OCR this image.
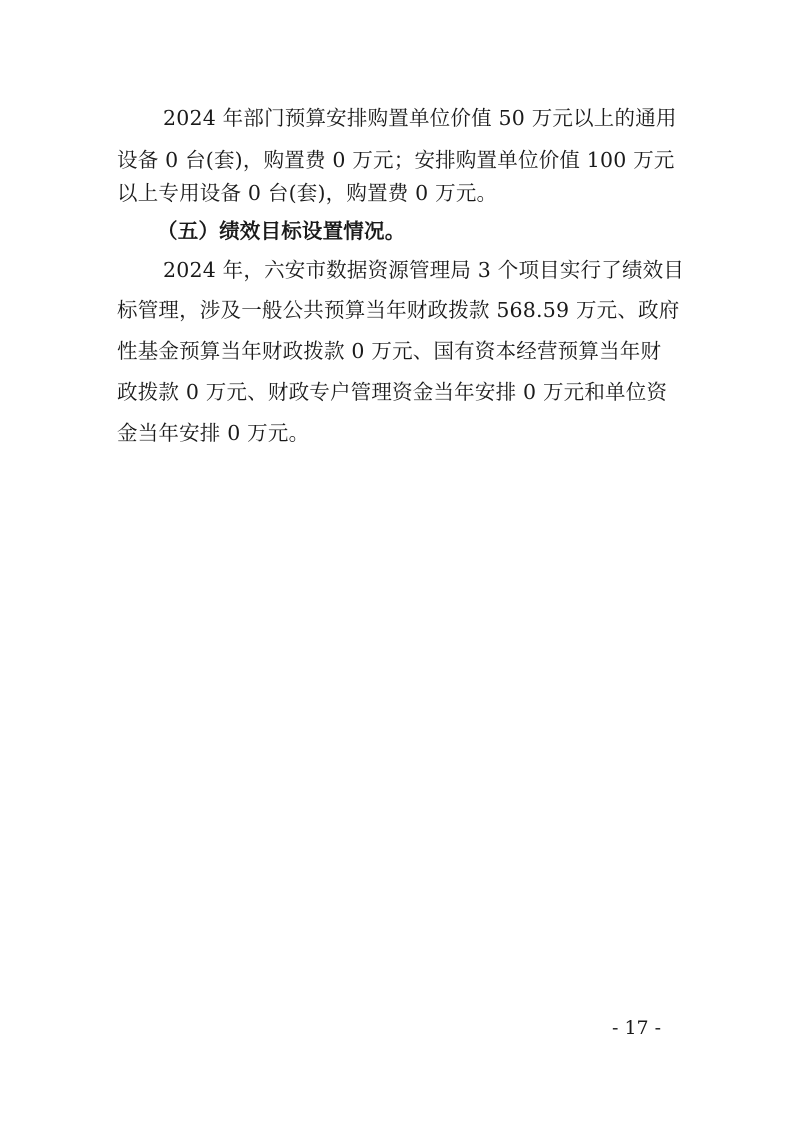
2024 年部门预算安排购置单位价值 50 万元以上的通用
设备 0 台(套)，购置费 0 万元；安排购置单位价值 100 万元
以上专用设备 0 台(套)，购置费 0 万元。
（五）绩效目标设置情况。
2024 年，六安市数据资源管理局 3 个项目实行了绩效目
标管理，涉及一般公共预算当年财政拨款 568.59 万元、政府
性基金预算当年财政拨款 0 万元、国有资本经营预算当年财
政拨款 0 万元、财政专户管理资金当年安排 0 万元和单位资
金当年安排 0 万元。
- 17 -
